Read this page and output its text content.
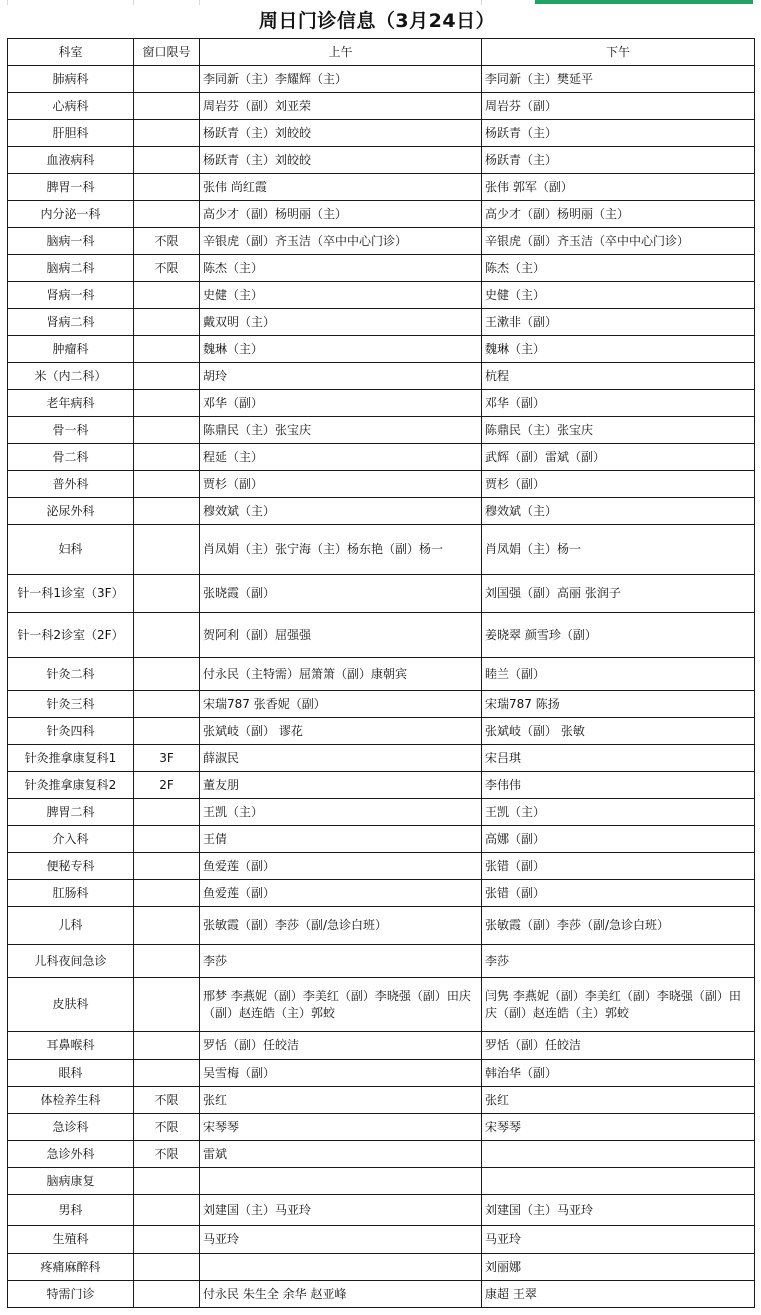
周日门诊信息（3月24日）
科室	窗口限号	上午	下午
肺病科		李同新（主）李耀辉（主）	李同新（主）樊延平
心病科		周岩芬（副）刘亚荣	周岩芬（副）
肝胆科		杨跃青（主）刘皎皎	杨跃青（主）
血液病科		杨跃青（主）刘皎皎	杨跃青（主）
脾胃一科		张伟 尚红霞	张伟 郭军（副）
内分泌一科		高少才（副）杨明丽（主）	高少才（副）杨明丽（主）
脑病一科	不限	辛银虎（副）齐玉洁（卒中中心门诊）	辛银虎（副）齐玉洁（卒中中心门诊）
脑病二科	不限	陈杰（主）	陈杰（主）
肾病一科		史健（主）	史健（主）
肾病二科		戴双明（主）	王漱非（副）
肿瘤科		魏琳（主）	魏琳（主）
米（内二科）		胡玲	杭程
老年病科		邓华（副）	邓华（副）
骨一科		陈鼎民（主）张宝庆	陈鼎民（主）张宝庆
骨二科		程延（主）	武辉（副）雷斌（副）
普外科		贾杉（副）	贾杉（副）
泌尿外科		穆效斌（主）	穆效斌（主）
妇科		肖凤娟（主）张宁海（主）杨东艳（副）杨一	肖凤娟（主）杨一
针一科1诊室（3F）		张晓霞（副）	刘国强（副）高丽 张润子
针一科2诊室（2F）		贺阿利（副）屈强强	姜晓翠 颜雪珍（副）
针灸二科		付永民（主特需）屈箫箫（副）康朝宾	睦兰（副）
针灸三科		宋瑞787 张香妮（副）	宋瑞787 陈扬
针灸四科		张斌岐（副） 谬花	张斌岐（副） 张敏
针灸推拿康复科1	3F	薛淑民	宋吕琪
针灸推拿康复科2	2F	董友朋	李伟伟
脾胃二科		王凯（主）	王凯（主）
介入科		王倩	高娜（副）
便秘专科		鱼爱莲（副）	张错（副）
肛肠科		鱼爱莲（副）	张错（副）
儿科		张敏霞（副）李莎（副/急诊白班）	张敏霞（副）李莎（副/急诊白班）
儿科夜间急诊		李莎	李莎
皮肤科		邢梦 李燕妮（副）李美红（副）李晓强（副）田庆（副）赵连皓（主）郭蛟	闫隽 李燕妮（副）李美红（副）李晓强（副）田庆（副）赵连皓（主）郭蛟
耳鼻喉科		罗恬（副）任皎洁	罗恬（副）任皎洁
眼科		吴雪梅（副）	韩治华（副）
体检养生科	不限	张红	张红
急诊科	不限	宋琴琴	宋琴琴
急诊外科	不限	雷斌	
脑病康复			
男科		刘建国（主）马亚玲	刘建国（主）马亚玲
生殖科		马亚玲	马亚玲
疼痛麻醉科			刘丽娜
特需门诊		付永民 朱生全 余华 赵亚峰	康超 王翠
